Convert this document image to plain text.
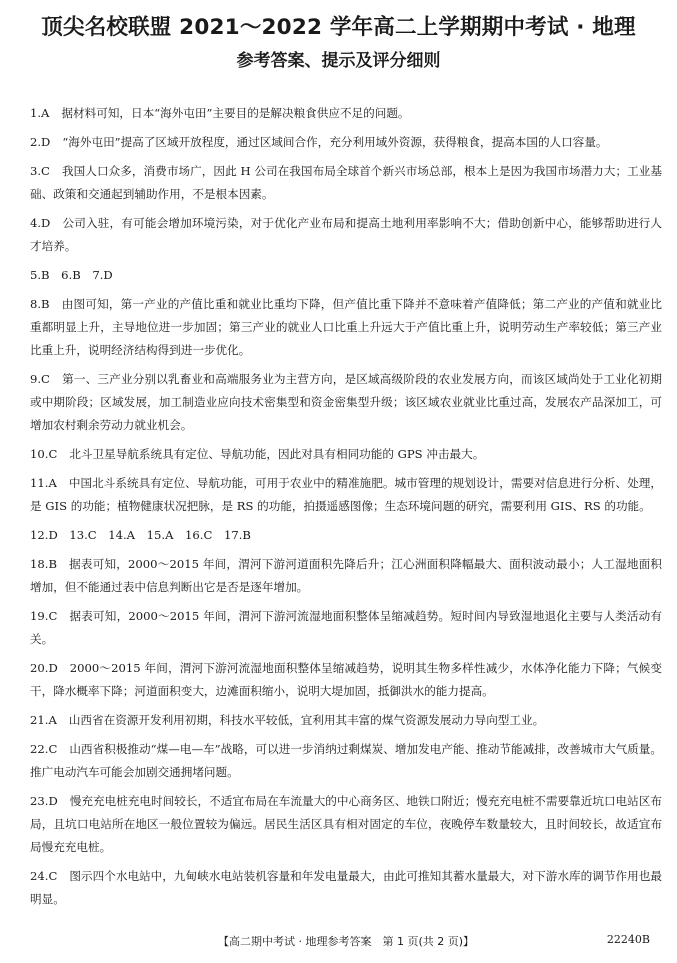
顶尖名校联盟 2021～2022 学年高二上学期期中考试 · 地理
参考答案、提示及评分细则
1.A 据材料可知，日本“海外屯田”主要目的是解决粮食供应不足的问题。
2.D “海外屯田”提高了区域开放程度，通过区域间合作，充分利用域外资源，获得粮食，提高本国的人口容量。
3.C 我国人口众多，消费市场广，因此 H 公司在我国布局全球首个新兴市场总部，根本上是因为我国市场潜力大；工业基础、政策和交通起到辅助作用，不是根本因素。
4.D 公司入驻，有可能会增加环境污染，对于优化产业布局和提高土地利用率影响不大；借助创新中心，能够帮助进行人才培养。
5.B　6.B　7.D
8.B 由图可知，第一产业的产值比重和就业比重均下降，但产值比重下降并不意味着产值降低；第二产业的产值和就业比重都明显上升，主导地位进一步加固；第三产业的就业人口比重上升远大于产值比重上升，说明劳动生产率较低；第三产业比重上升，说明经济结构得到进一步优化。
9.C 第一、三产业分别以乳畜业和高端服务业为主营方向，是区域高级阶段的农业发展方向，而该区域尚处于工业化初期或中期阶段；区域发展，加工制造业应向技术密集型和资金密集型升级；该区域农业就业比重过高，发展农产品深加工，可增加农村剩余劳动力就业机会。
10.C 北斗卫星导航系统具有定位、导航功能，因此对具有相同功能的 GPS 冲击最大。
11.A 中国北斗系统具有定位、导航功能，可用于农业中的精准施肥。城市管理的规划设计，需要对信息进行分析、处理，是 GIS 的功能；植物健康状况把脉，是 RS 的功能，拍摄遥感图像；生态环境问题的研究，需要利用 GIS、RS 的功能。
12.D　13.C　14.A　15.A　16.C　17.B
18.B 据表可知，2000～2015 年间，渭河下游河道面积先降后升；江心洲面积降幅最大、面积波动最小；人工湿地面积增加，但不能通过表中信息判断出它是否是逐年增加。
19.C 据表可知，2000～2015 年间，渭河下游河流湿地面积整体呈缩减趋势。短时间内导致湿地退化主要与人类活动有关。
20.D 2000～2015 年间，渭河下游河流湿地面积整体呈缩减趋势，说明其生物多样性减少，水体净化能力下降；气候变干，降水概率下降；河道面积变大，边滩面积缩小，说明大堤加固，抵御洪水的能力提高。
21.A 山西省在资源开发利用初期，科技水平较低，宜利用其丰富的煤气资源发展动力导向型工业。
22.C 山西省积极推动“煤—电—车”战略，可以进一步消纳过剩煤炭、增加发电产能、推动节能减排，改善城市大气质量。推广电动汽车可能会加剧交通拥堵问题。
23.D 慢充充电桩充电时间较长，不适宜布局在车流量大的中心商务区、地铁口附近；慢充充电桩不需要靠近坑口电站区布局，且坑口电站所在地区一般位置较为偏远。居民生活区具有相对固定的车位，夜晚停车数量较大，且时间较长，故适宜布局慢充充电桩。
24.C 图示四个水电站中，九甸峡水电站装机容量和年发电量最大，由此可推知其蓄水量最大，对下游水库的调节作用也最明显。
【高二期中考试 · 地理参考答案　第 1 页(共 2 页)】	22240B
